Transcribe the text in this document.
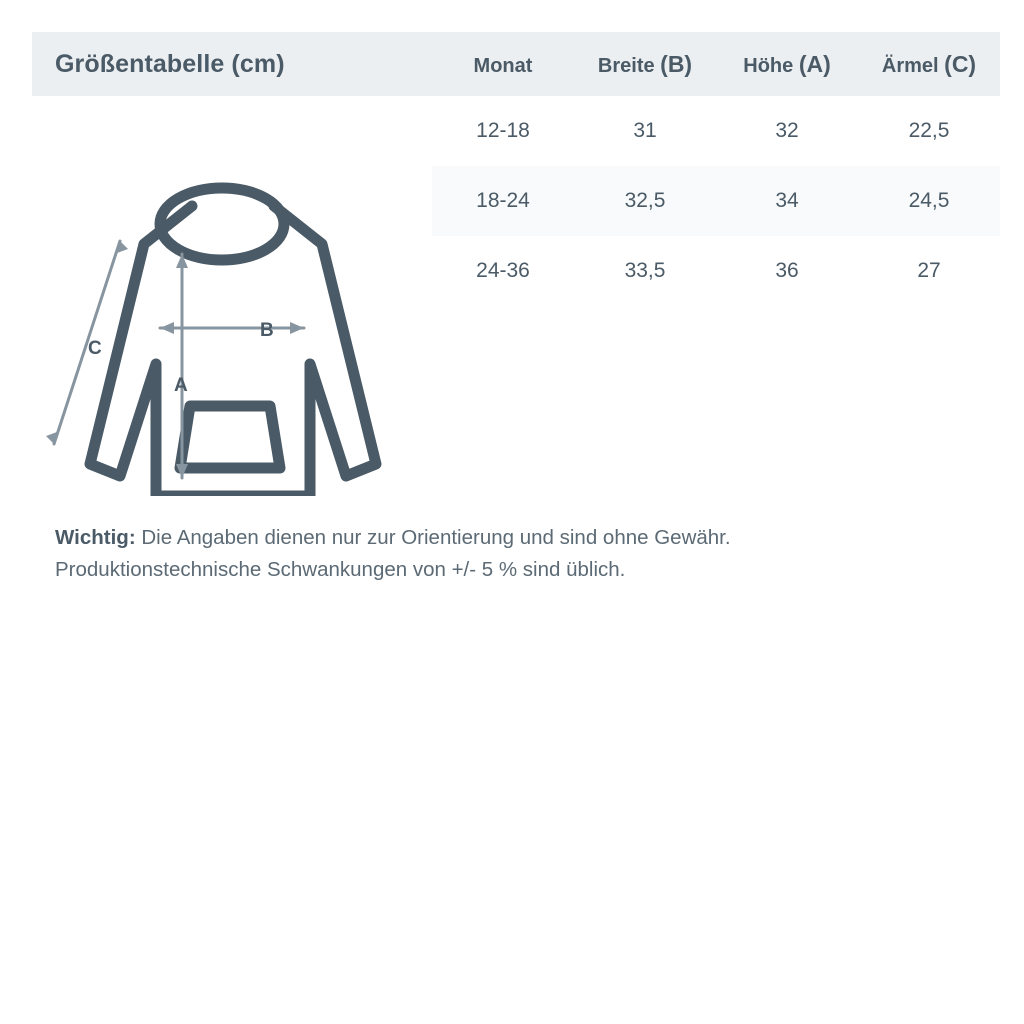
Größentabelle (cm)	Monat	Breite (B)	Höhe (A)	Ärmel (C)
C
B
A
12-18	31	32	22,5
18-24	32,5	34	24,5
24-36	33,5	36	27
Wichtig: Die Angaben dienen nur zur Orientierung und sind ohne Gewähr.
Produktionstechnische Schwankungen von +/- 5 % sind üblich.
